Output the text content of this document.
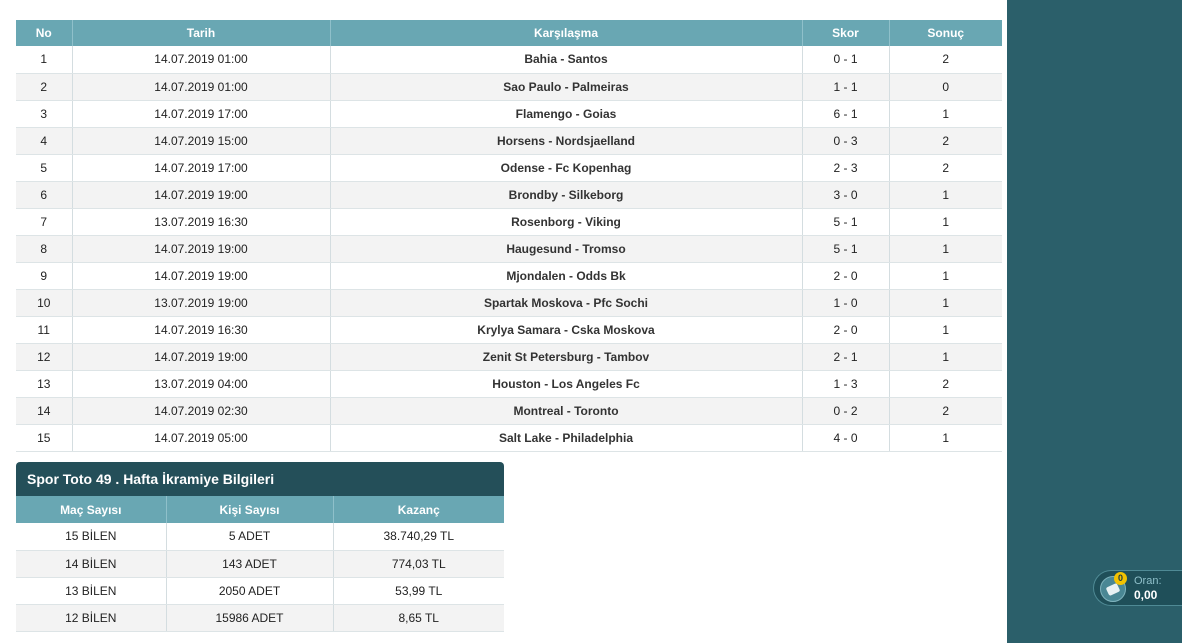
No	Tarih	Karşılaşma	Skor	Sonuç
1	14.07.2019 01:00	Bahia - Santos	0 - 1	2
2	14.07.2019 01:00	Sao Paulo - Palmeiras	1 - 1	0
3	14.07.2019 17:00	Flamengo - Goias	6 - 1	1
4	14.07.2019 15:00	Horsens - Nordsjaelland	0 - 3	2
5	14.07.2019 17:00	Odense - Fc Kopenhag	2 - 3	2
6	14.07.2019 19:00	Brondby - Silkeborg	3 - 0	1
7	13.07.2019 16:30	Rosenborg - Viking	5 - 1	1
8	14.07.2019 19:00	Haugesund - Tromso	5 - 1	1
9	14.07.2019 19:00	Mjondalen - Odds Bk	2 - 0	1
10	13.07.2019 19:00	Spartak Moskova - Pfc Sochi	1 - 0	1
11	14.07.2019 16:30	Krylya Samara - Cska Moskova	2 - 0	1
12	14.07.2019 19:00	Zenit St Petersburg - Tambov	2 - 1	1
13	13.07.2019 04:00	Houston - Los Angeles Fc	1 - 3	2
14	14.07.2019 02:30	Montreal - Toronto	0 - 2	2
15	14.07.2019 05:00	Salt Lake - Philadelphia	4 - 0	1
Spor Toto 49 . Hafta İkramiye Bilgileri
Maç Sayısı	Kişi Sayısı	Kazanç
15 BİLEN	5 ADET	38.740,29 TL
14 BİLEN	143 ADET	774,03 TL
13 BİLEN	2050 ADET	53,99 TL
12 BİLEN	15986 ADET	8,65 TL
0	Oran:
0,00
